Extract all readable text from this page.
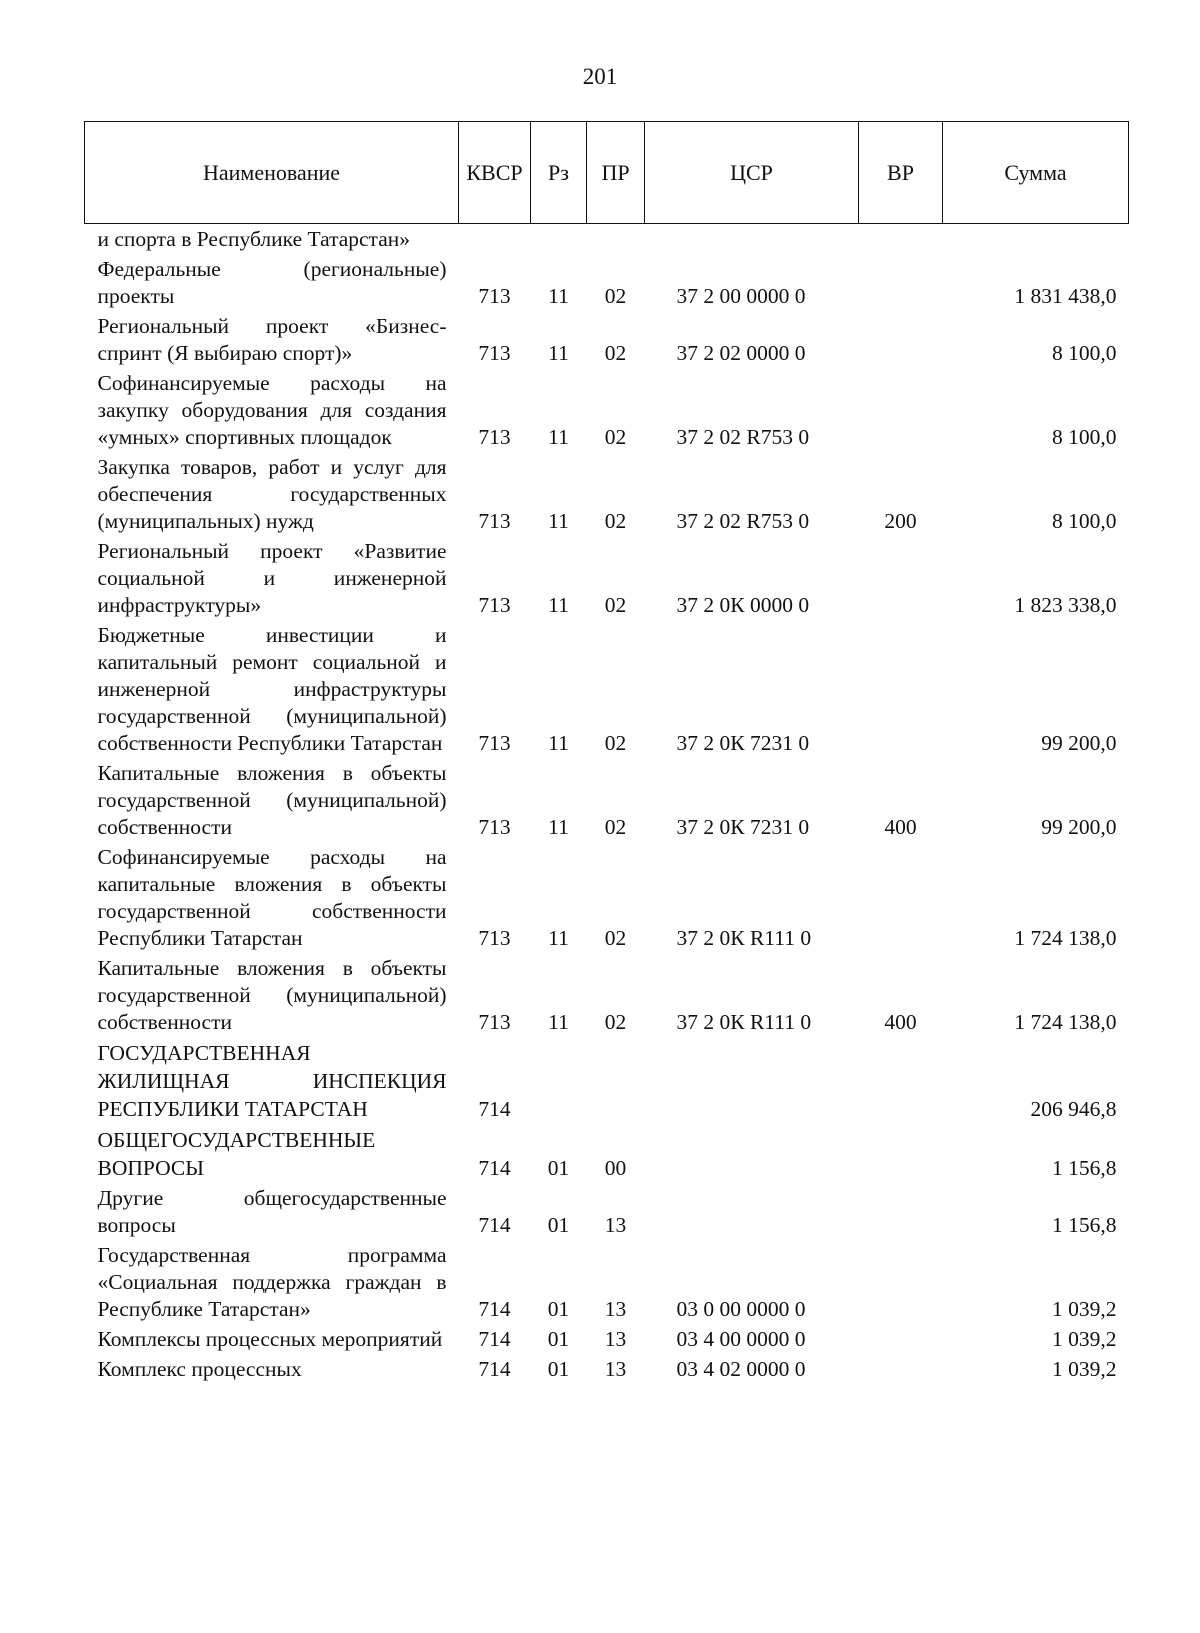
201
Наименование	КВСР	Рз	ПР	ЦСР	ВР	Сумма
и спорта в Республике Татарстан»						
Федеральные (региональные) проекты	713	11	02	37 2 00 0000 0		1 831 438,0
Региональный проект «Бизнес-спринт (Я выбираю спорт)»	713	11	02	37 2 02 0000 0		8 100,0
Софинансируемые расходы на закупку оборудования для создания «умных» спортивных площадок	713	11	02	37 2 02 R753 0		8 100,0
Закупка товаров, работ и услуг для обеспечения государственных (муниципальных) нужд	713	11	02	37 2 02 R753 0	200	8 100,0
Региональный проект «Развитие социальной и инженерной инфраструктуры»	713	11	02	37 2 0К 0000 0		1 823 338,0
Бюджетные инвестиции и капитальный ремонт социальной и инженерной инфраструктуры государственной (муниципальной) собственности Республики Татарстан	713	11	02	37 2 0К 7231 0		99 200,0
Капитальные вложения в объекты государственной (муниципальной) собственности	713	11	02	37 2 0К 7231 0	400	99 200,0
Софинансируемые расходы на капитальные вложения в объекты государственной собственности Республики Татарстан	713	11	02	37 2 0К R111 0		1 724 138,0
Капитальные вложения в объекты государственной (муниципальной) собственности	713	11	02	37 2 0К R111 0	400	1 724 138,0
ГОСУДАРСТВЕННАЯ ЖИЛИЩНАЯ ИНСПЕКЦИЯ РЕСПУБЛИКИ ТАТАРСТАН	714					206 946,8
ОБЩЕГОСУДАРСТВЕННЫЕ ВОПРОСЫ	714	01	00			1 156,8
Другие общегосударственные вопросы	714	01	13			1 156,8
Государственная программа «Социальная поддержка граждан в Республике Татарстан»	714	01	13	03 0 00 0000 0		1 039,2
Комплексы процессных мероприятий	714	01	13	03 4 00 0000 0		1 039,2
Комплекс процессных	714	01	13	03 4 02 0000 0		1 039,2
